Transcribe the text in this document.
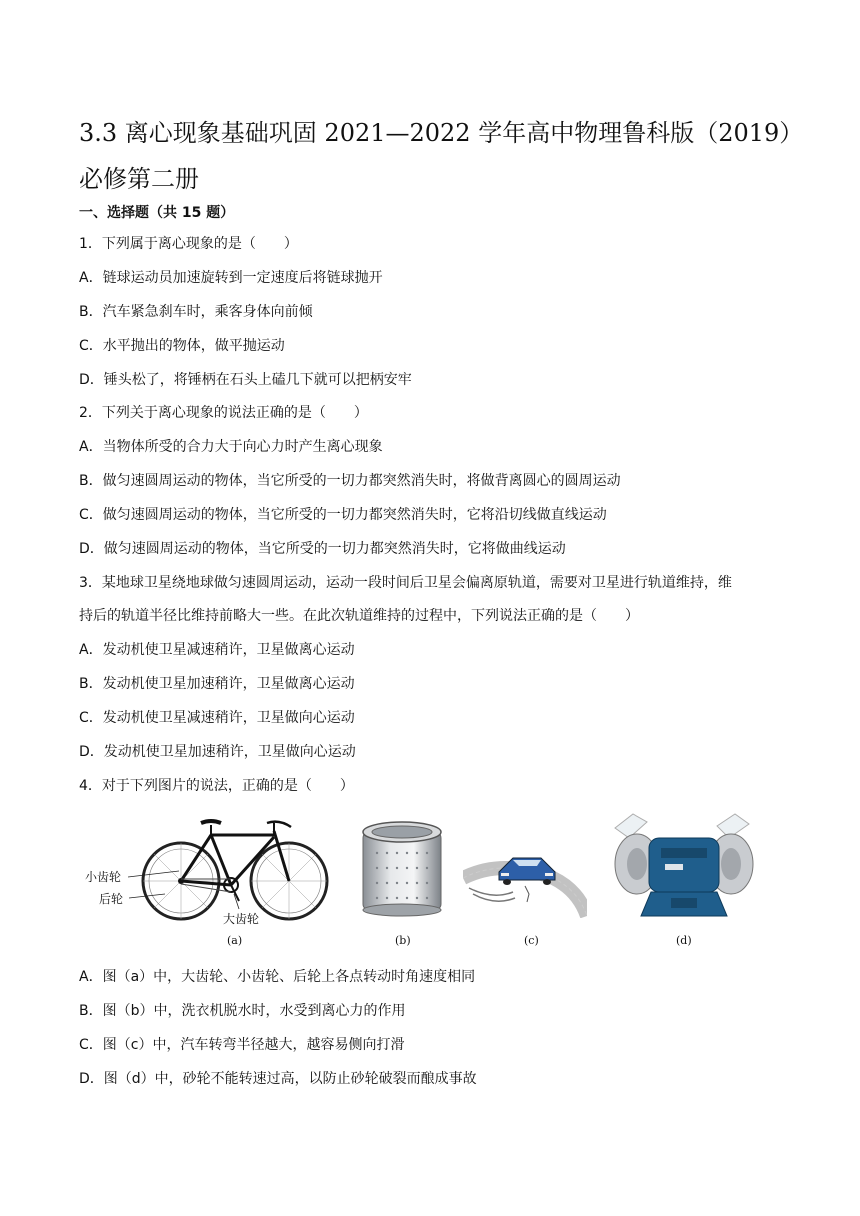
3.3 离心现象基础巩固 2021—2022 学年高中物理鲁科版（2019）必修第二册
一、选择题（共 15 题）
1．下列属于离心现象的是（　　）
A．链球运动员加速旋转到一定速度后将链球抛开
B．汽车紧急刹车时，乘客身体向前倾
C．水平抛出的物体，做平抛运动
D．锤头松了，将锤柄在石头上磕几下就可以把柄安牢
2．下列关于离心现象的说法正确的是（　　）
A．当物体所受的合力大于向心力时产生离心现象
B．做匀速圆周运动的物体，当它所受的一切力都突然消失时，将做背离圆心的圆周运动
C．做匀速圆周运动的物体，当它所受的一切力都突然消失时，它将沿切线做直线运动
D．做匀速圆周运动的物体，当它所受的一切力都突然消失时，它将做曲线运动
3．某地球卫星绕地球做匀速圆周运动，运动一段时间后卫星会偏离原轨道，需要对卫星进行轨道维持，维
持后的轨道半径比维持前略大一些。在此次轨道维持的过程中，下列说法正确的是（　　）
A．发动机使卫星减速稍许，卫星做离心运动
B．发动机使卫星加速稍许，卫星做离心运动
C．发动机使卫星减速稍许，卫星做向心运动
D．发动机使卫星加速稍许，卫星做向心运动
4．对于下列图片的说法，正确的是（　　）
小齿轮
后轮
大齿轮
(a)	(b)	(c)	(d)
A．图（a）中，大齿轮、小齿轮、后轮上各点转动时角速度相同
B．图（b）中，洗衣机脱水时，水受到离心力的作用
C．图（c）中，汽车转弯半径越大，越容易侧向打滑
D．图（d）中，砂轮不能转速过高，以防止砂轮破裂而酿成事故
